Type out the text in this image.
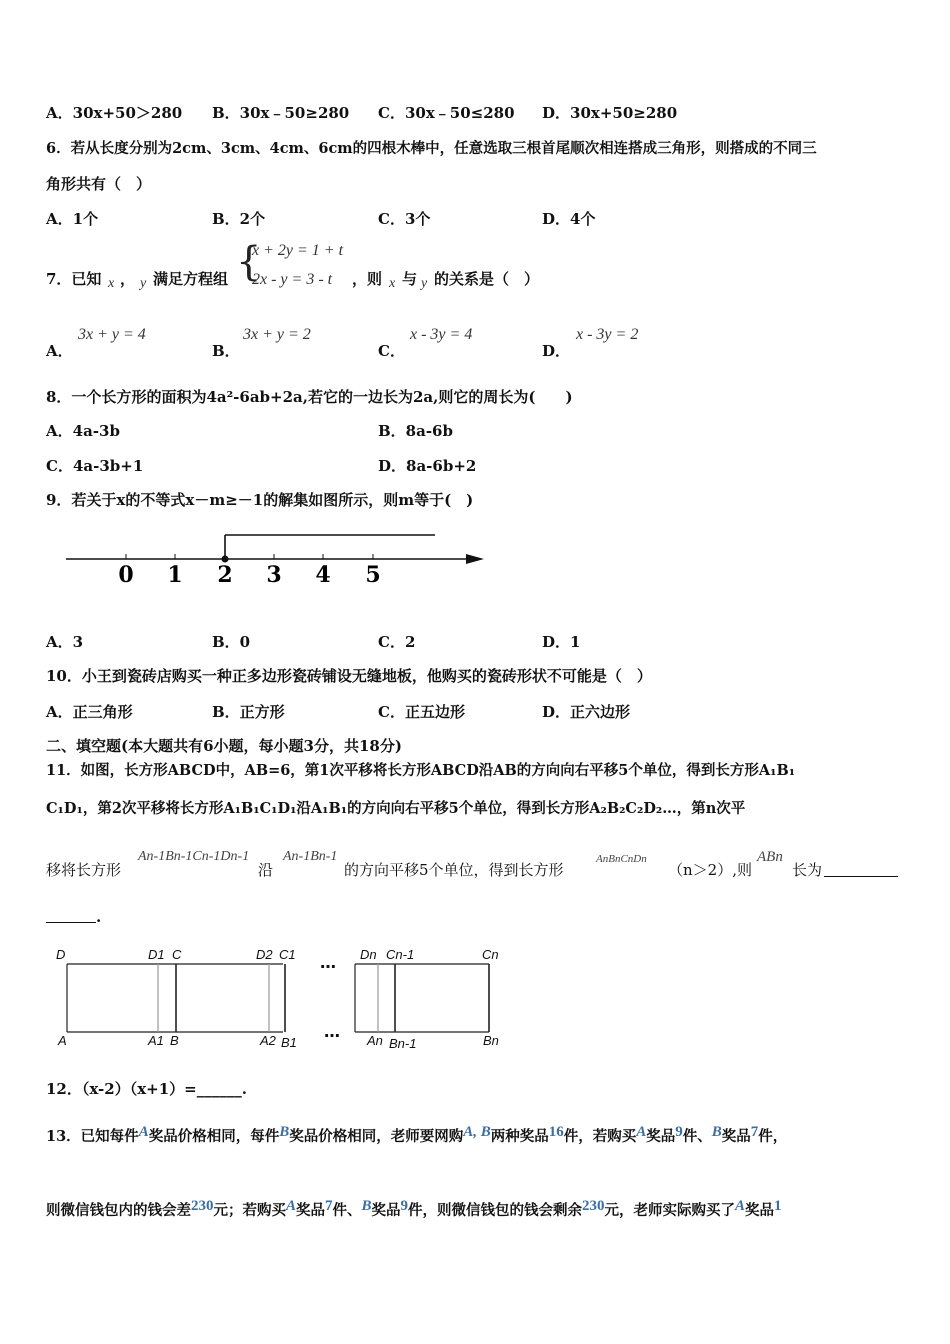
A．30x+50＞280 B．30x﹣50≥280 C．30x﹣50≤280 D．30x+50≥280
6．若从长度分别为2cm、3cm、4cm、6cm的四根木棒中，任意选取三根首尾顺次相连搭成三角形，则搭成的不同三
角形共有（　）
A．1个	B．2个	C．3个	D．4个
7．已知 x ， y 满足方程组 {
x + 2y = 1 + t
2x - y = 3 - t ，则 x 与 y 的关系是（　）
A．
3x + y = 4
B．
3x + y = 2
C．
x - 3y = 4
D．
x - 3y = 2
8．一个长方形的面积为4a²-6ab+2a,若它的一边长为2a,则它的周长为(　　)
A．4a-3b	B．8a-6b
C．4a-3b+1	D．8a-6b+2
9．若关于x的不等式x－m≥－1的解集如图所示，则m等于(　)
0 1 2 3 4 5
A．3	B．0	C．2	D．1
10．小王到瓷砖店购买一种正多边形瓷砖铺设无缝地板，他购买的瓷砖形状不可能是（　）
A．正三角形	B．正方形	C．正五边形	D．正六边形
二、填空题(本大题共有6小题，每小题3分，共18分)
11．如图，长方形ABCD中，AB=6，第1次平移将长方形ABCD沿AB的方向向右平移5个单位，得到长方形A₁B₁
C₁D₁，第2次平移将长方形A₁B₁C₁D₁沿A₁B₁的方向向右平移5个单位，得到长方形A₂B₂C₂D₂…，第n次平
移将长方形
An-1Bn-1Cn-1Dn-1
沿
An-1Bn-1
的方向平移5个单位，得到长方形
AnBnCnDn
（n＞2）,则
ABn
长为
.
D	D1 C	D2 C1	Dn Cn-1	Cn
A	A1 B	A2 B1	An Bn-1	Bn
…
…
12．（x-2）（x+1）=______.
13．已知每件A奖品价格相同，每件B奖品价格相同，老师要网购A, B两种奖品16件，若购买A奖品9件、B奖品7件，
则微信钱包内的钱会差230元；若购买A奖品7件、B奖品9件，则微信钱包的钱会剩余230元，老师实际购买了A奖品1
